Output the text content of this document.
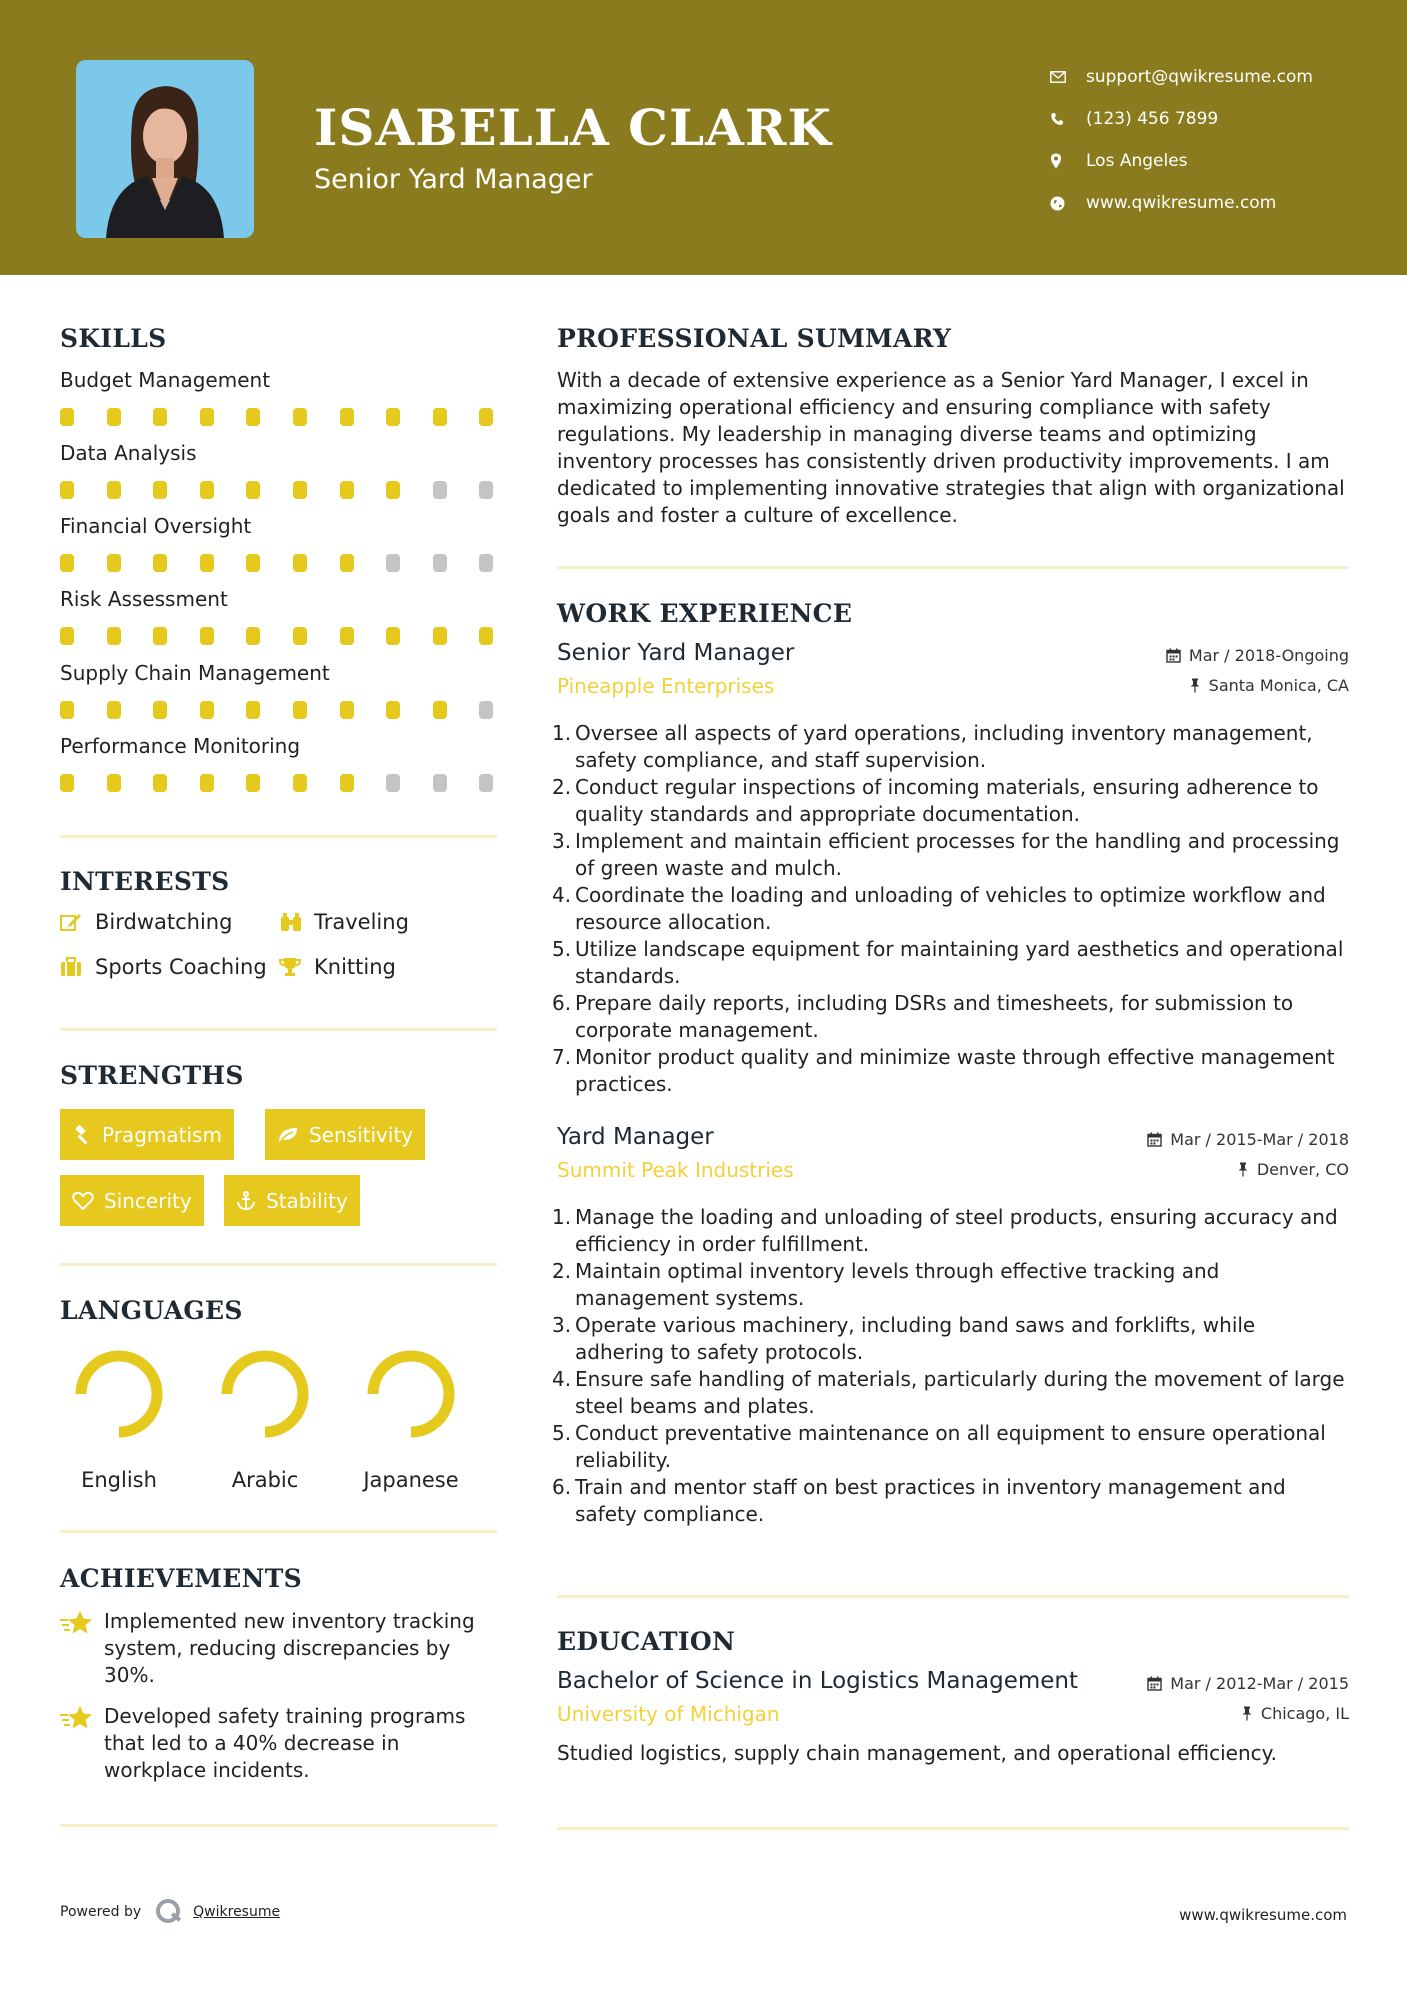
ISABELLA CLARK
Senior Yard Manager
support@qwikresume.com
(123) 456 7899
Los Angeles
www.qwikresume.com
SKILLS
Budget Management
Data Analysis
Financial Oversight
Risk Assessment
Supply Chain Management
Performance Monitoring
INTERESTS
Birdwatching	Traveling
Sports Coaching Knitting
STRENGTHS
Pragmatism	Sensitivity
Sincerity	Stability
LANGUAGES
English	Arabic	Japanese
ACHIEVEMENTS
Implemented new inventory tracking system, reducing discrepancies by 30%.
Developed safety training programs that led to a 40% decrease in workplace incidents.
PROFESSIONAL SUMMARY
With a decade of extensive experience as a Senior Yard Manager, I excel in maximizing operational efficiency and ensuring compliance with safety regulations. My leadership in managing diverse teams and optimizing inventory processes has consistently driven productivity improvements. I am dedicated to implementing innovative strategies that align with organizational goals and foster a culture of excellence.
WORK EXPERIENCE
Senior Yard Manager	Mar / 2018-Ongoing
Pineapple Enterprises	Santa Monica, CA
1. Oversee all aspects of yard operations, including inventory management, safety compliance, and staff supervision.
2. Conduct regular inspections of incoming materials, ensuring adherence to quality standards and appropriate documentation.
3. Implement and maintain efficient processes for the handling and processing of green waste and mulch.
4. Coordinate the loading and unloading of vehicles to optimize workflow and resource allocation.
5. Utilize landscape equipment for maintaining yard aesthetics and operational standards.
6. Prepare daily reports, including DSRs and timesheets, for submission to corporate management.
7. Monitor product quality and minimize waste through effective management practices.
Yard Manager	Mar / 2015-Mar / 2018
Summit Peak Industries	Denver, CO
1. Manage the loading and unloading of steel products, ensuring accuracy and efficiency in order fulfillment.
2. Maintain optimal inventory levels through effective tracking and management systems.
3. Operate various machinery, including band saws and forklifts, while adhering to safety protocols.
4. Ensure safe handling of materials, particularly during the movement of large steel beams and plates.
5. Conduct preventative maintenance on all equipment to ensure operational reliability.
6. Train and mentor staff on best practices in inventory management and safety compliance.
EDUCATION
Bachelor of Science in Logistics Management	Mar / 2012-Mar / 2015
University of Michigan	Chicago, IL
Studied logistics, supply chain management, and operational efficiency.
Powered by	Qwikresume	www.qwikresume.com
